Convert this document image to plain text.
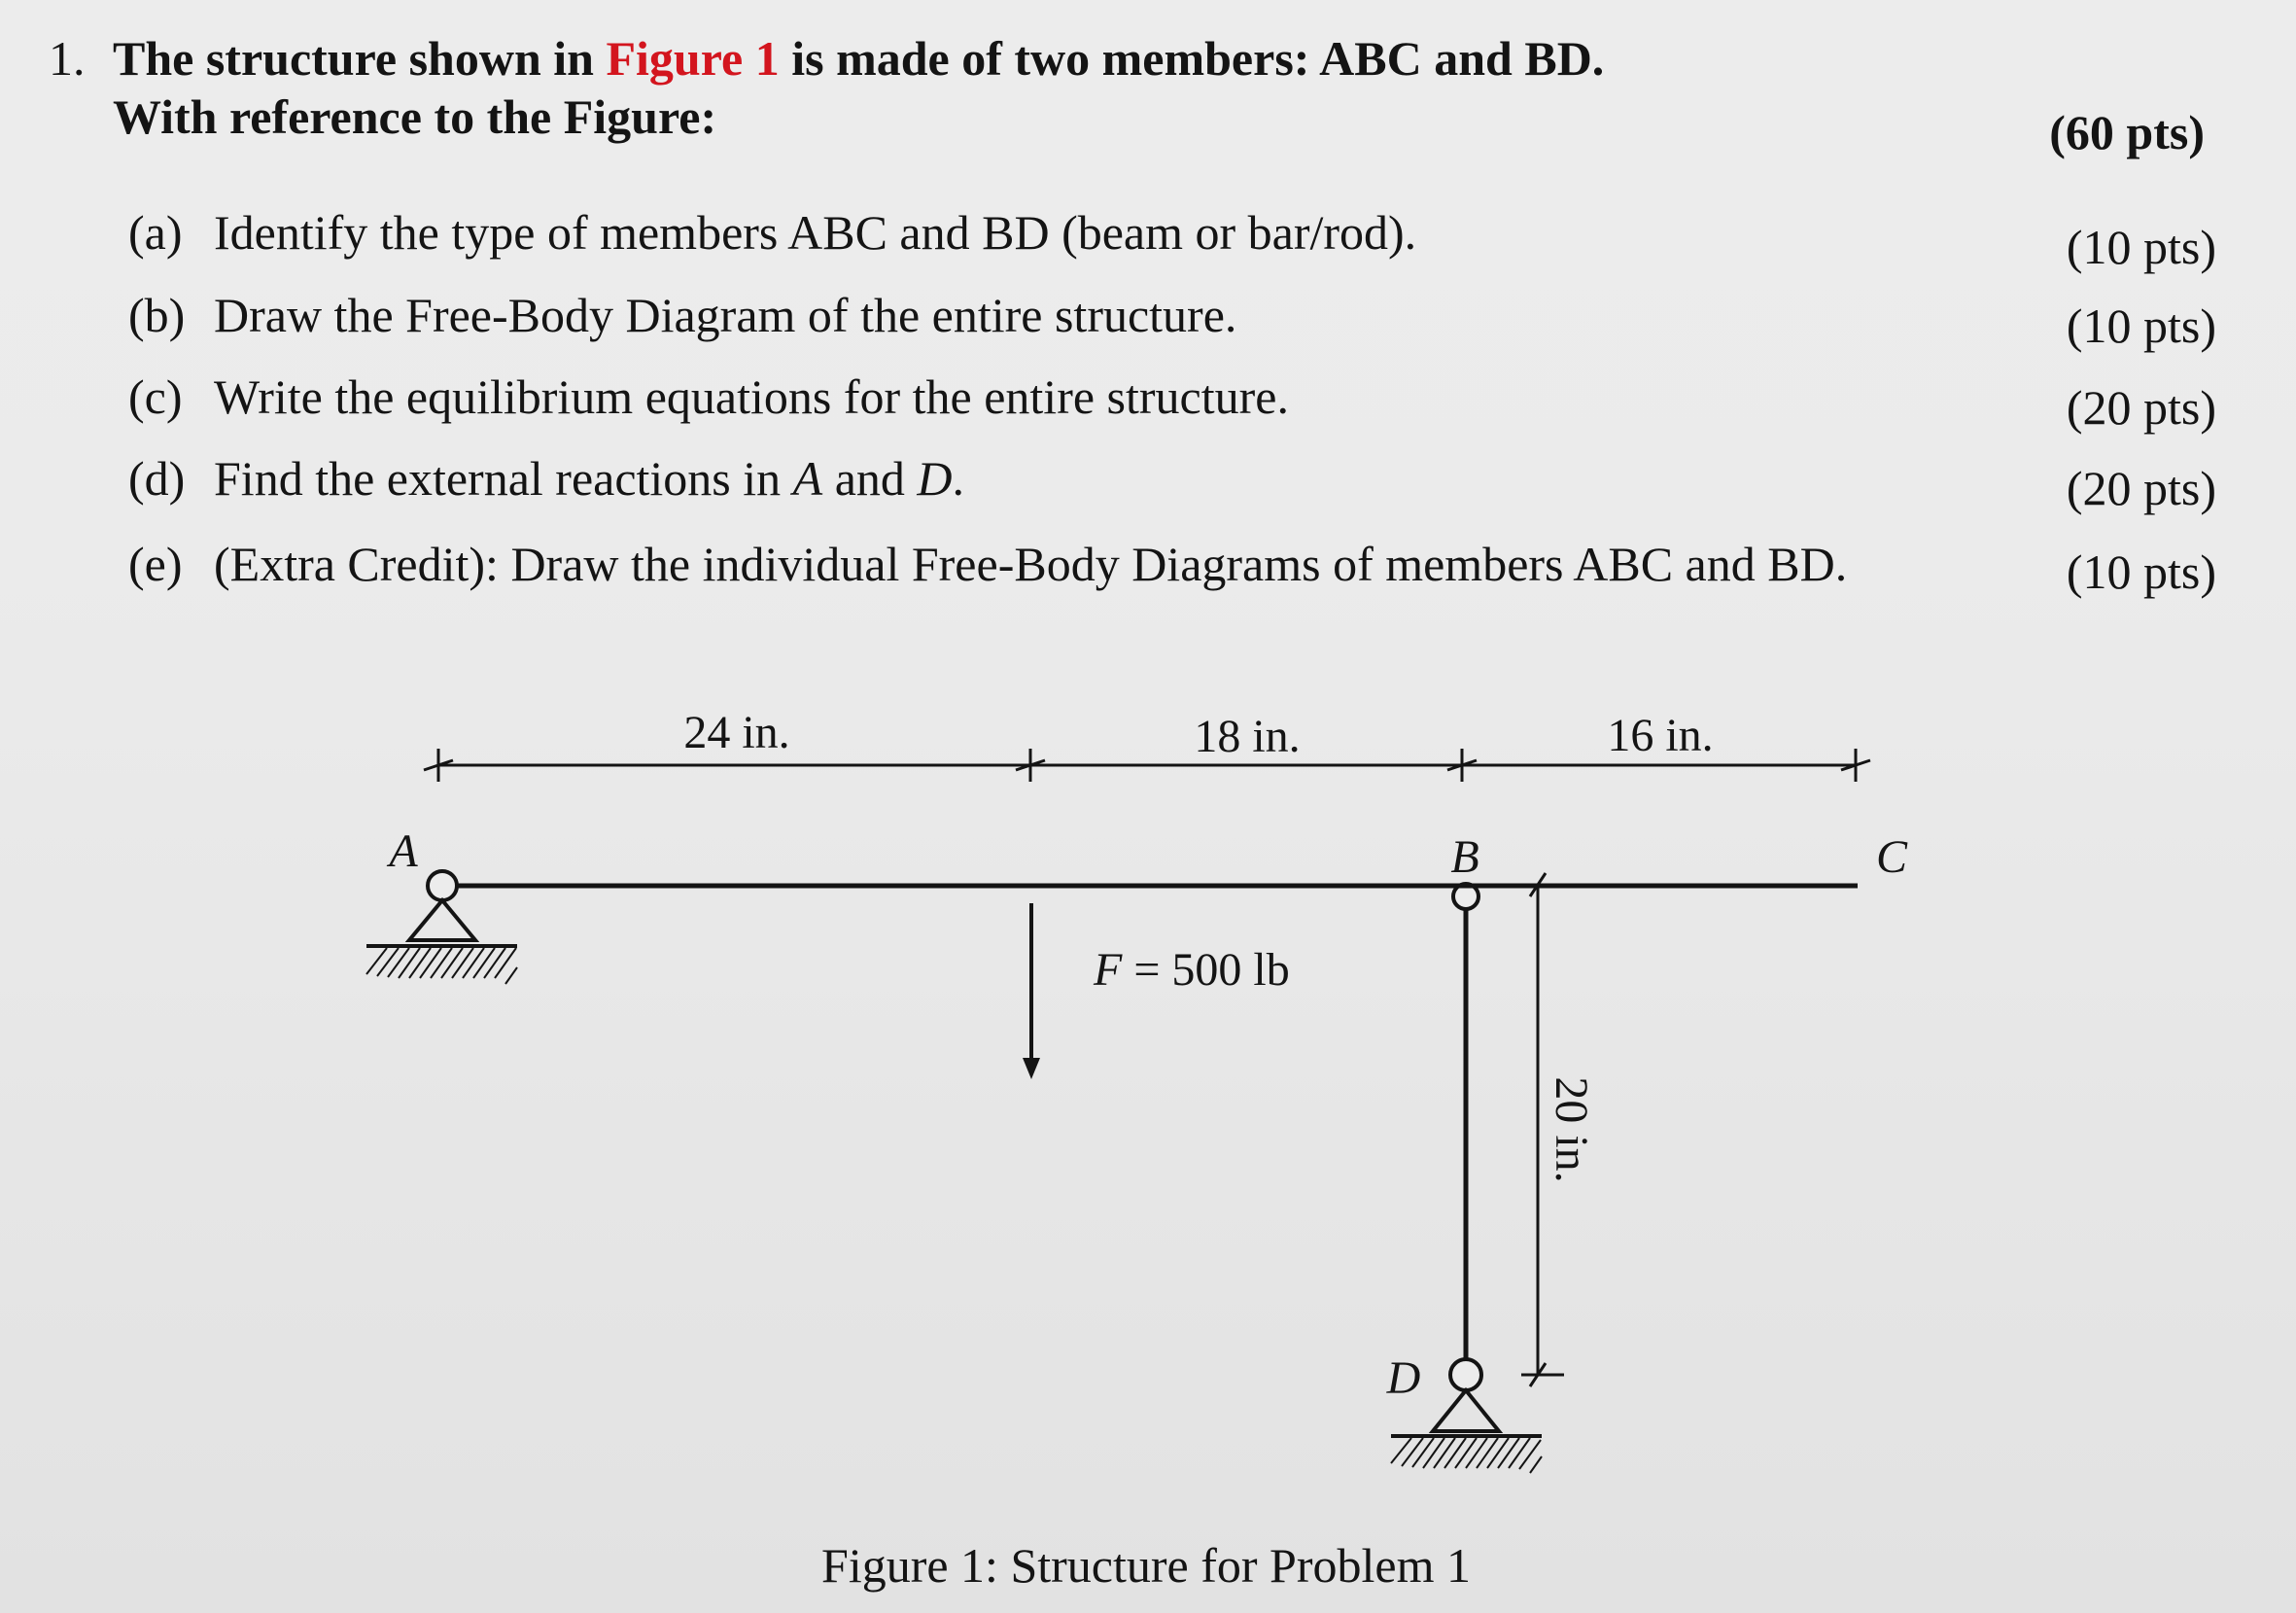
1. The structure shown in Figure 1 is made of two members: ABC and BD.
With reference to the Figure:	(60 pts)
(a) Identify the type of members ABC and BD (beam or bar/rod).	(10 pts)
(b) Draw the Free-Body Diagram of the entire structure.	(10 pts)
(c) Write the equilibrium equations for the entire structure.	(20 pts)
(d) Find the external reactions in A and D.	(20 pts)
(e) (Extra Credit): Draw the individual Free-Body Diagrams of members ABC and BD.	(10 pts)
24 in.	18 in.	16 in.
A	B	C
D
F = 500 lb
20 in.
Figure 1: Structure for Problem 1
